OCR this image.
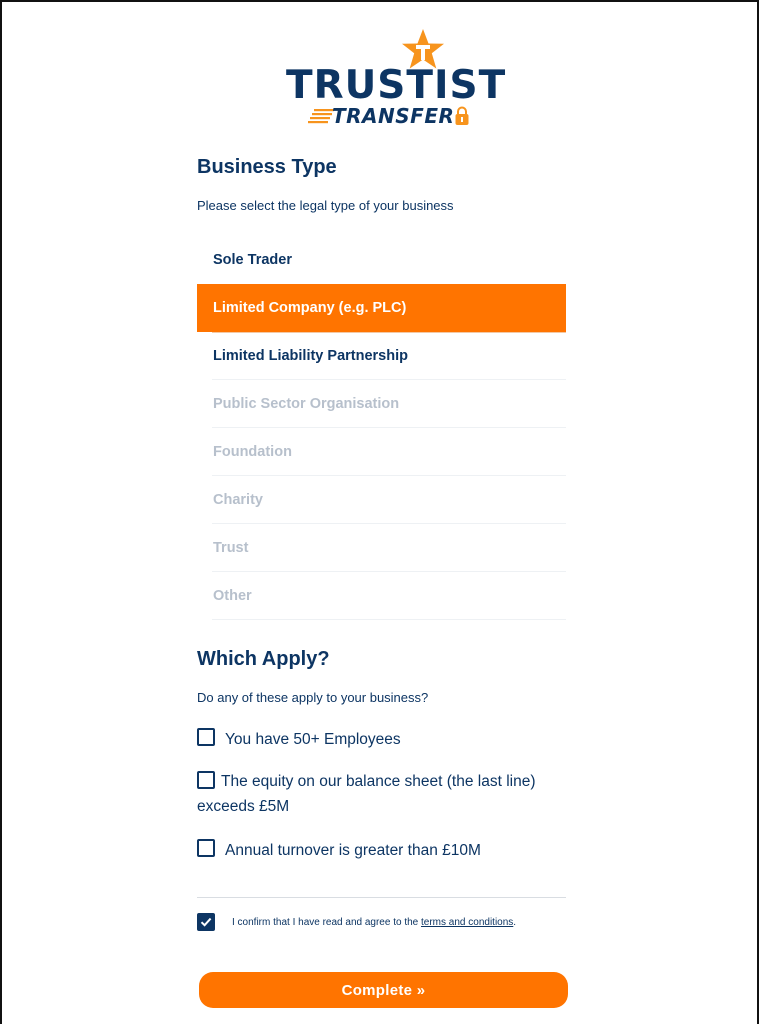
TRUSTIST
TRANSFER
Business Type

Please select the legal type of your business

Sole Trader
Limited Company (e.g. PLC)
Limited Liability Partnership
Public Sector Organisation
Foundation
Charity
Trust
Other
Which Apply?

Do any of these apply to your business?

You have 50+ Employees
The equity on our balance sheet (the last line) exceeds £5M
Annual turnover is greater than £10M
I confirm that I have read and agree to the terms and conditions.
Complete »
